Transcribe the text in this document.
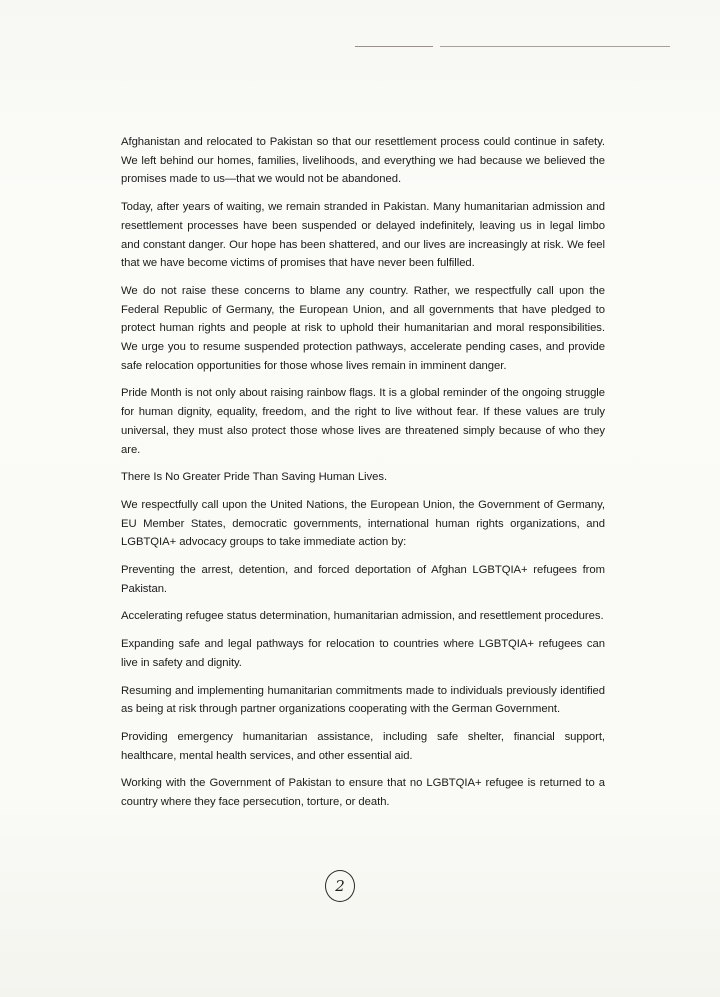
Afghanistan and relocated to Pakistan so that our resettlement process could continue in safety. We left behind our homes, families, livelihoods, and everything we had because we believed the promises made to us—that we would not be abandoned.

Today, after years of waiting, we remain stranded in Pakistan. Many humanitarian admission and resettlement processes have been suspended or delayed indefinitely, leaving us in legal limbo and constant danger. Our hope has been shattered, and our lives are increasingly at risk. We feel that we have become victims of promises that have never been fulfilled.

We do not raise these concerns to blame any country. Rather, we respectfully call upon the Federal Republic of Germany, the European Union, and all governments that have pledged to protect human rights and people at risk to uphold their humanitarian and moral responsibilities. We urge you to resume suspended protection pathways, accelerate pending cases, and provide safe relocation opportunities for those whose lives remain in imminent danger.

Pride Month is not only about raising rainbow flags. It is a global reminder of the ongoing struggle for human dignity, equality, freedom, and the right to live without fear. If these values are truly universal, they must also protect those whose lives are threatened simply because of who they are.

There Is No Greater Pride Than Saving Human Lives.

We respectfully call upon the United Nations, the European Union, the Government of Germany, EU Member States, democratic governments, international human rights organizations, and LGBTQIA+ advocacy groups to take immediate action by:

Preventing the arrest, detention, and forced deportation of Afghan LGBTQIA+ refugees from Pakistan.

Accelerating refugee status determination, humanitarian admission, and resettlement procedures.

Expanding safe and legal pathways for relocation to countries where LGBTQIA+ refugees can live in safety and dignity.

Resuming and implementing humanitarian commitments made to individuals previously identified as being at risk through partner organizations cooperating with the German Government.

Providing emergency humanitarian assistance, including safe shelter, financial support, healthcare, mental health services, and other essential aid.

Working with the Government of Pakistan to ensure that no LGBTQIA+ refugee is returned to a country where they face persecution, torture, or death.

2
